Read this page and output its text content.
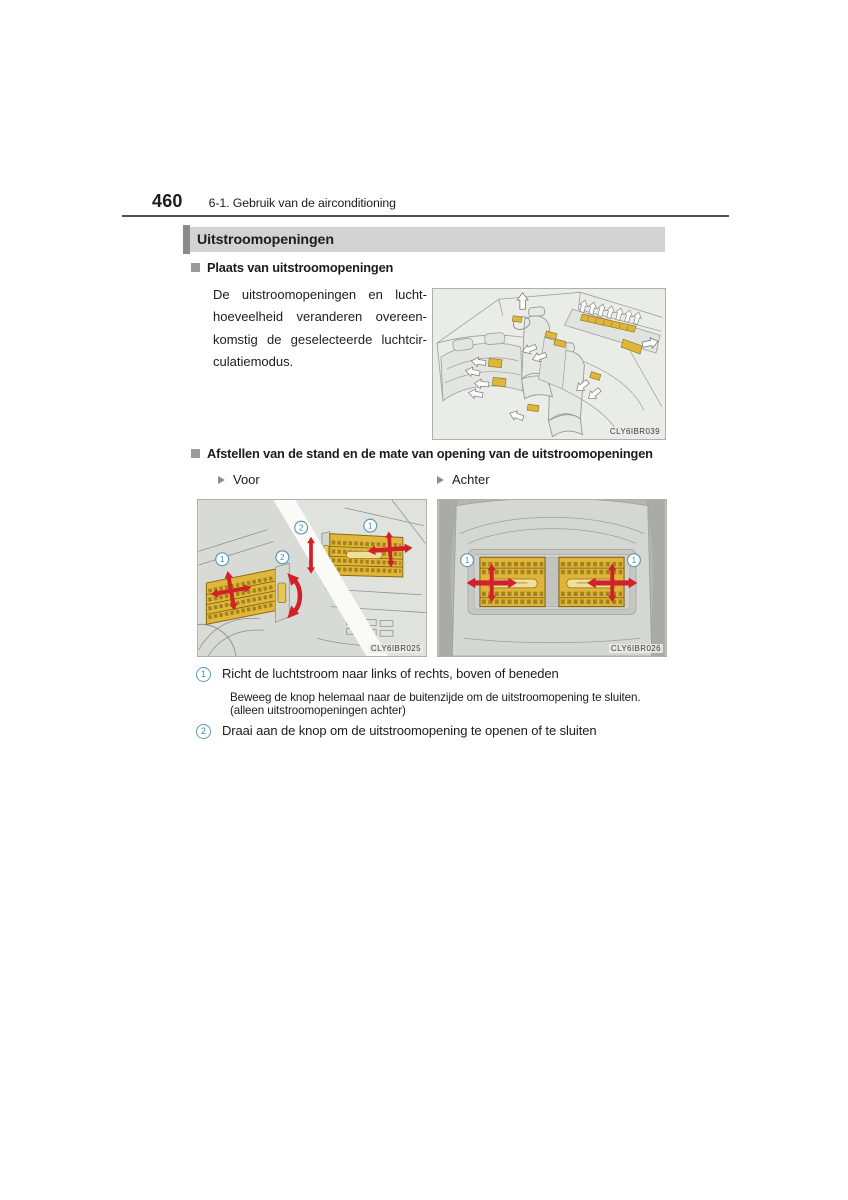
460 6-1. Gebruik van de airconditioning
Uitstroomopeningen
Plaats van uitstroomopeningen
De uitstroomopeningen en lucht-
hoeveelheid veranderen overeen-
komstig de geselecteerde luchtcir-
culatiemodus.
CLY6IBR039
Afstellen van de stand en de mate van opening van de uitstroomopeningen
Voor	Achter
1	2
2	1
CLY6IBR025
1	1
CLY6IBR026
1	Richt de luchtstroom naar links of rechts, boven of beneden
Beweeg de knop helemaal naar de buitenzijde om de uitstroomopening te sluiten.
(alleen uitstroomopeningen achter)
2	Draai aan de knop om de uitstroomopening te openen of te sluiten
